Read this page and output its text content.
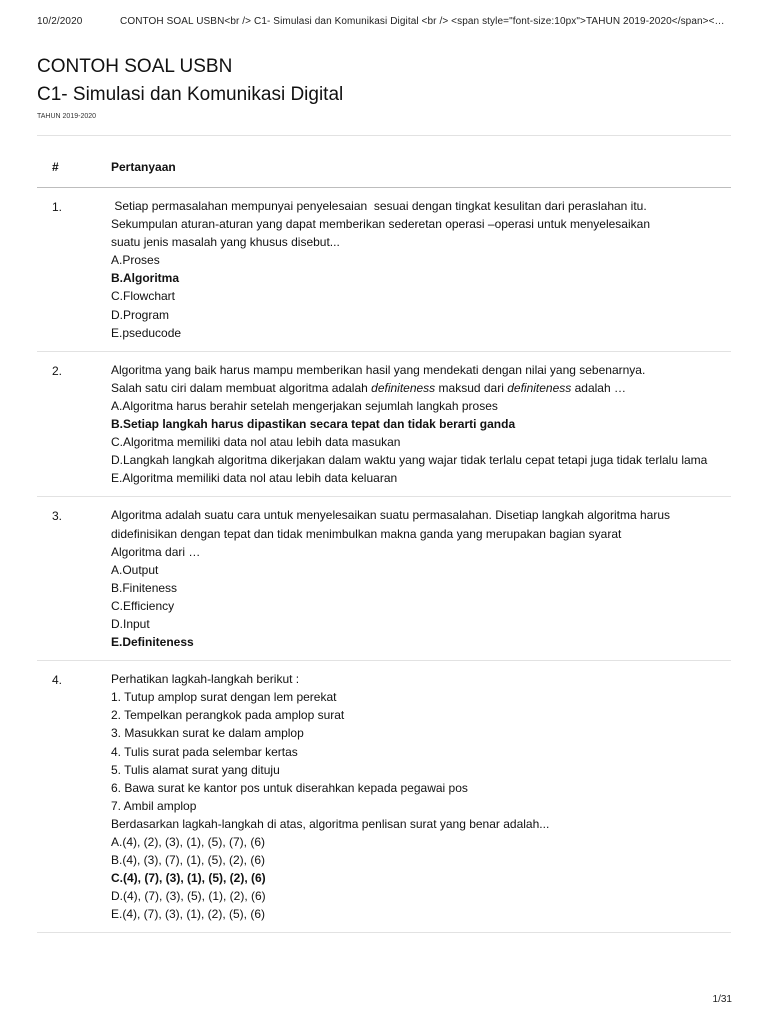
10/2/2020	CONTOH SOAL USBN<br /> C1- Simulasi dan Komunikasi Digital <br /> <span style="font-size:10px">TAHUN 2019-2020</span><…
CONTOH SOAL USBN
C1- Simulasi dan Komunikasi Digital
TAHUN 2019-2020
#	Pertanyaan
1.	Setiap permasalahan mempunyai penyelesaian  sesuai dengan tingkat kesulitan dari peraslahan itu.
Sekumpulan aturan-aturan yang dapat memberikan sederetan operasi –operasi untuk menyelesaikan
suatu jenis masalah yang khusus disebut...
A.Proses
B.Algoritma
C.Flowchart
D.Program
E.pseducode
2.	Algoritma yang baik harus mampu memberikan hasil yang mendekati dengan nilai yang sebenarnya.
Salah satu ciri dalam membuat algoritma adalah definiteness maksud dari definiteness adalah …
A.Algoritma harus berahir setelah mengerjakan sejumlah langkah proses
B.Setiap langkah harus dipastikan secara tepat dan tidak berarti ganda
C.Algoritma memiliki data nol atau lebih data masukan
D.Langkah langkah algoritma dikerjakan dalam waktu yang wajar tidak terlalu cepat tetapi juga tidak terlalu lama
E.Algoritma memiliki data nol atau lebih data keluaran
3.	Algoritma adalah suatu cara untuk menyelesaikan suatu permasalahan. Disetiap langkah algoritma harus
didefinisikan dengan tepat dan tidak menimbulkan makna ganda yang merupakan bagian syarat
Algoritma dari …
A.Output
B.Finiteness
C.Efficiency
D.Input
E.Definiteness
4.	Perhatikan lagkah-langkah berikut :
1. Tutup amplop surat dengan lem perekat
2. Tempelkan perangkok pada amplop surat
3. Masukkan surat ke dalam amplop
4. Tulis surat pada selembar kertas
5. Tulis alamat surat yang dituju
6. Bawa surat ke kantor pos untuk diserahkan kepada pegawai pos
7. Ambil amplop
Berdasarkan lagkah-langkah di atas, algoritma penlisan surat yang benar adalah...
A.(4), (2), (3), (1), (5), (7), (6)
B.(4), (3), (7), (1), (5), (2), (6)
C.(4), (7), (3), (1), (5), (2), (6)
D.(4), (7), (3), (5), (1), (2), (6)
E.(4), (7), (3), (1), (2), (5), (6)
1/31
